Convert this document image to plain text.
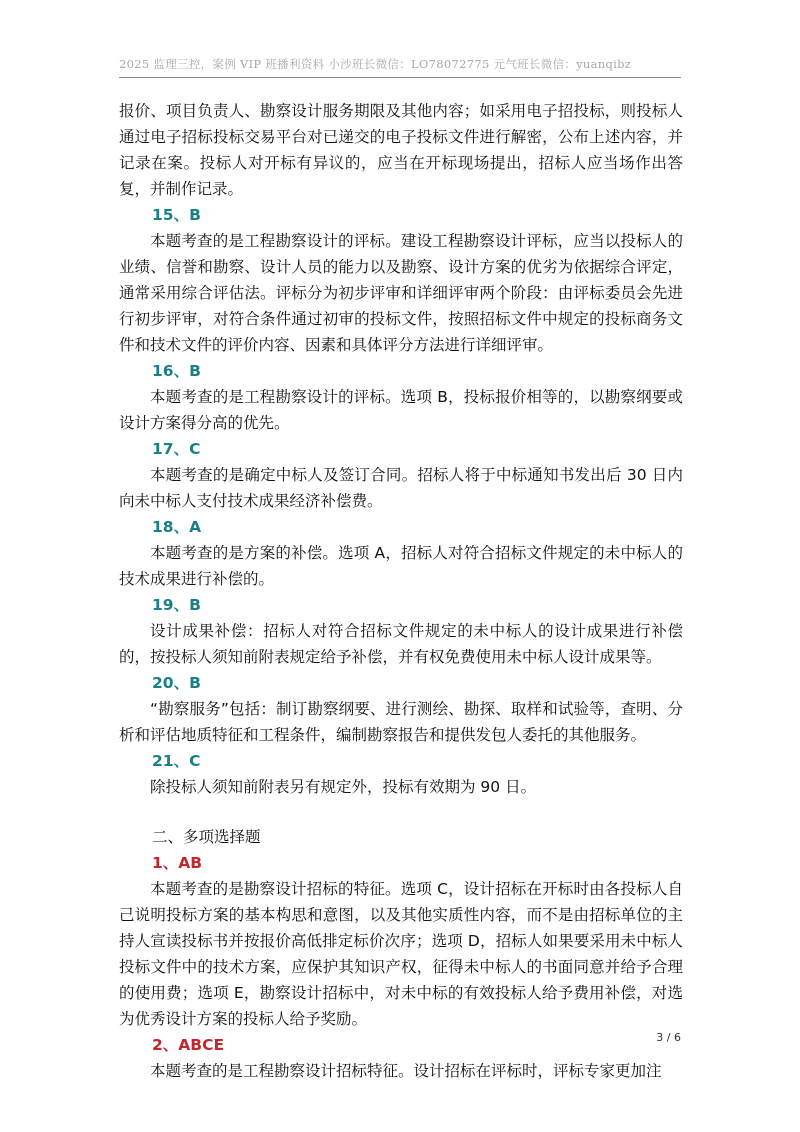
2025 监理三控，案例 VIP 班播利资料 小沙班长微信：LO78072775 元气班长微信：yuanqibz

报价、项目负责人、勘察设计服务期限及其他内容；如采用电子招投标，则投标人通过电子招标投标交易平台对已递交的电子投标文件进行解密，公布上述内容，并记录在案。投标人对开标有异议的，应当在开标现场提出，招标人应当场作出答复，并制作记录。

15、B

本题考查的是工程勘察设计的评标。建设工程勘察设计评标，应当以投标人的业绩、信誉和勘察、设计人员的能力以及勘察、设计方案的优劣为依据综合评定，通常采用综合评估法。评标分为初步评审和详细评审两个阶段：由评标委员会先进行初步评审，对符合条件通过初审的投标文件，按照招标文件中规定的投标商务文件和技术文件的评价内容、因素和具体评分方法进行详细评审。

16、B

本题考查的是工程勘察设计的评标。选项 B，投标报价相等的，以勘察纲要或设计方案得分高的优先。

17、C

本题考查的是确定中标人及签订合同。招标人将于中标通知书发出后 30 日内向未中标人支付技术成果经济补偿费。

18、A

本题考查的是方案的补偿。选项 A，招标人对符合招标文件规定的未中标人的技术成果进行补偿的。

19、B

设计成果补偿：招标人对符合招标文件规定的未中标人的设计成果进行补偿的，按投标人须知前附表规定给予补偿，并有权免费使用未中标人设计成果等。

20、B

“勘察服务”包括：制订勘察纲要、进行测绘、勘探、取样和试验等，查明、分析和评估地质特征和工程条件，编制勘察报告和提供发包人委托的其他服务。

21、C

除投标人须知前附表另有规定外，投标有效期为 90 日。

二、多项选择题

1、AB

本题考查的是勘察设计招标的特征。选项 C，设计招标在开标时由各投标人自己说明投标方案的基本构思和意图，以及其他实质性内容，而不是由招标单位的主持人宣读投标书并按报价高低排定标价次序；选项 D，招标人如果要采用未中标人投标文件中的技术方案，应保护其知识产权，征得未中标人的书面同意并给予合理的使用费；选项 E，勘察设计招标中，对未中标的有效投标人给予费用补偿，对选为优秀设计方案的投标人给予奖励。

2、ABCE

本题考查的是工程勘察设计招标特征。设计招标在评标时，评标专家更加注

3 / 6
